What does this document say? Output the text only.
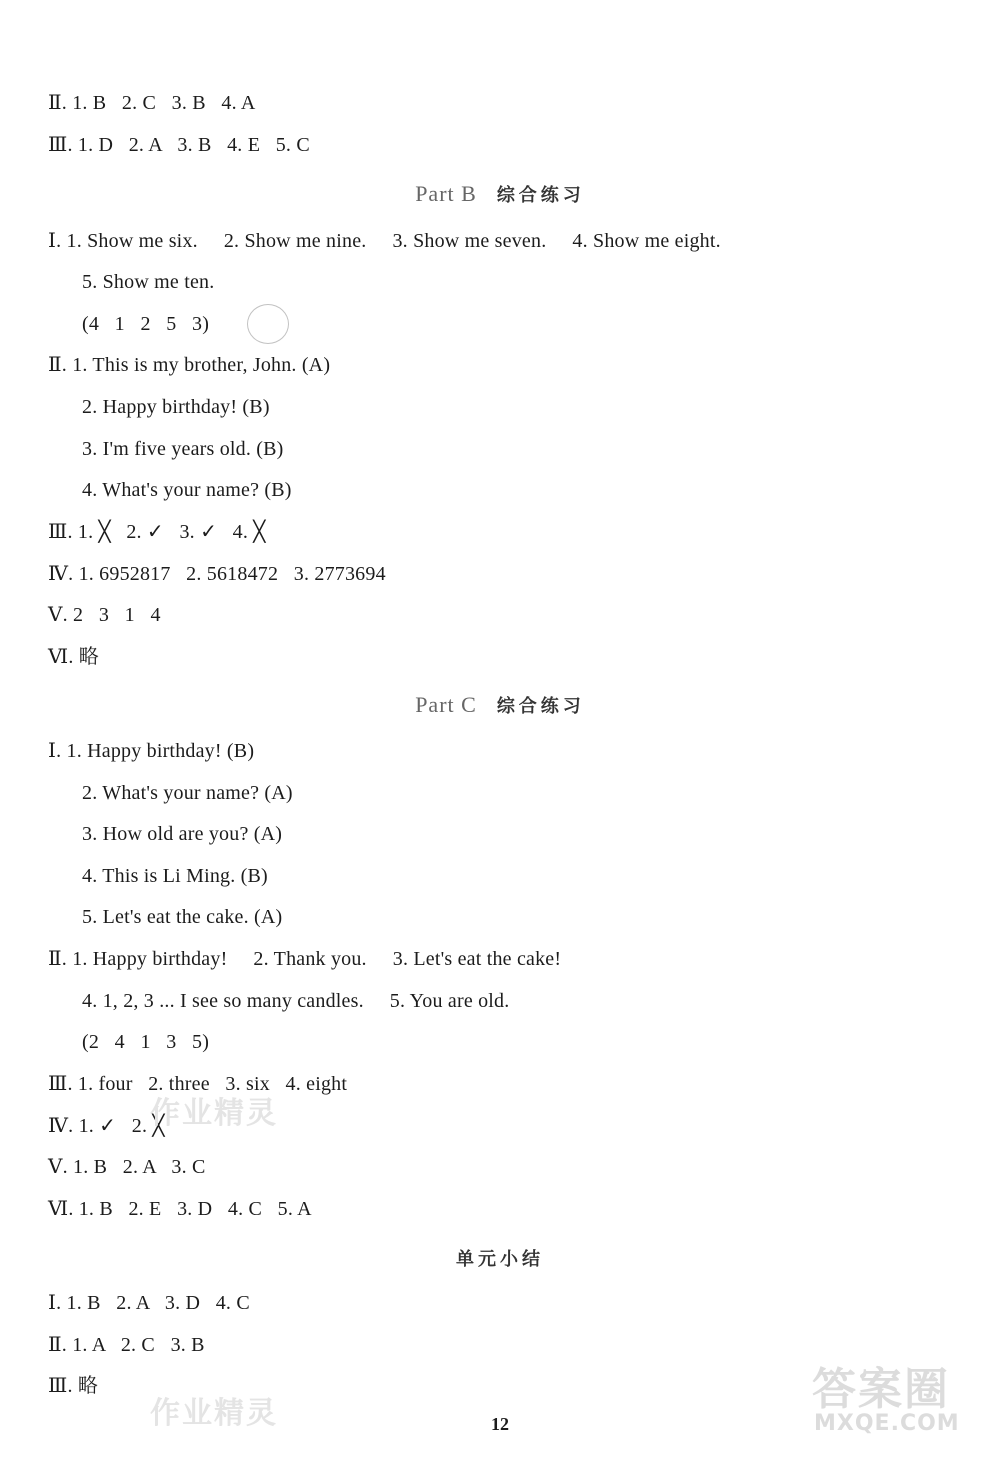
Ⅱ. 1. B   2. C   3. B   4. A
Ⅲ. 1. D   2. A   3. B   4. E   5. C
Part B 综合练习
Ⅰ. 1. Show me six.     2. Show me nine.     3. Show me seven.     4. Show me eight.
5. Show me ten.
(4   1   2   5   3)
Ⅱ. 1. This is my brother, John. (A)
2. Happy birthday! (B)
3. I'm five years old. (B)
4. What's your name? (B)
Ⅲ. 1. ╳   2. ✓   3. ✓   4. ╳
Ⅳ. 1. 6952817   2. 5618472   3. 2773694
Ⅴ. 2   3   1   4
Ⅵ. 略
Part C 综合练习
Ⅰ. 1. Happy birthday! (B)
2. What's your name? (A)
3. How old are you? (A)
4. This is Li Ming. (B)
5. Let's eat the cake. (A)
Ⅱ. 1. Happy birthday!     2. Thank you.     3. Let's eat the cake!
4. 1, 2, 3 ... I see so many candles.     5. You are old.
(2   4   1   3   5)
Ⅲ. 1. four   2. three   3. six   4. eight
Ⅳ. 1. ✓   2. ╳
Ⅴ. 1. B   2. A   3. C
Ⅵ. 1. B   2. E   3. D   4. C   5. A
作业精灵
单元小结
Ⅰ. 1. B   2. A   3. D   4. C
Ⅱ. 1. A   2. C   3. B
Ⅲ. 略
作业精灵	12
答案圈
MXQE.COM
